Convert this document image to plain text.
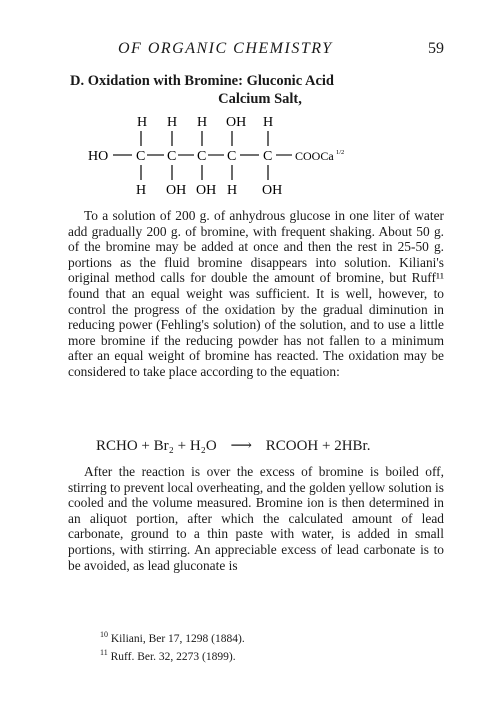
OF ORGANIC CHEMISTRY	59
D. Oxidation with Bromine: Gluconic Acid
Calcium Salt,
H H H OH H
HO C C C C C COOCa 1/2
H OH OH H OH

To a solution of 200 g. of anhydrous glucose in one liter of water add gradually 200 g. of bromine, with frequent shaking. About 50 g. of the bromine may be added at once and then the rest in 25-50 g. portions as the fluid bromine disappears into solution. Kiliani's original method calls for double the amount of bromine, but Ruff¹¹ found that an equal weight was sufficient. It is well, however, to control the progress of the oxidation by the gradual diminution in reducing power (Fehling's solution) of the solution, and to use a little more bromine if the reducing powder has not fallen to a minimum after an equal weight of bromine has reacted. The oxidation may be considered to take place according to the equation:

RCHO + Br₂ + H₂O ⟶ RCOOH + 2HBr.

After the reaction is over the excess of bromine is boiled off, stirring to prevent local overheating, and the golden yellow solution is cooled and the volume measured. Bromine ion is then determined in an aliquot portion, after which the calculated amount of lead carbonate, ground to a thin paste with water, is added in small portions, with stirring. An appreciable excess of lead carbonate is to be avoided, as lead gluconate is

$^{10}$ Kiliani, Ber 17, 1298 (1884).
$^{11}$ Ruff. Ber. 32, 2273 (1899).
